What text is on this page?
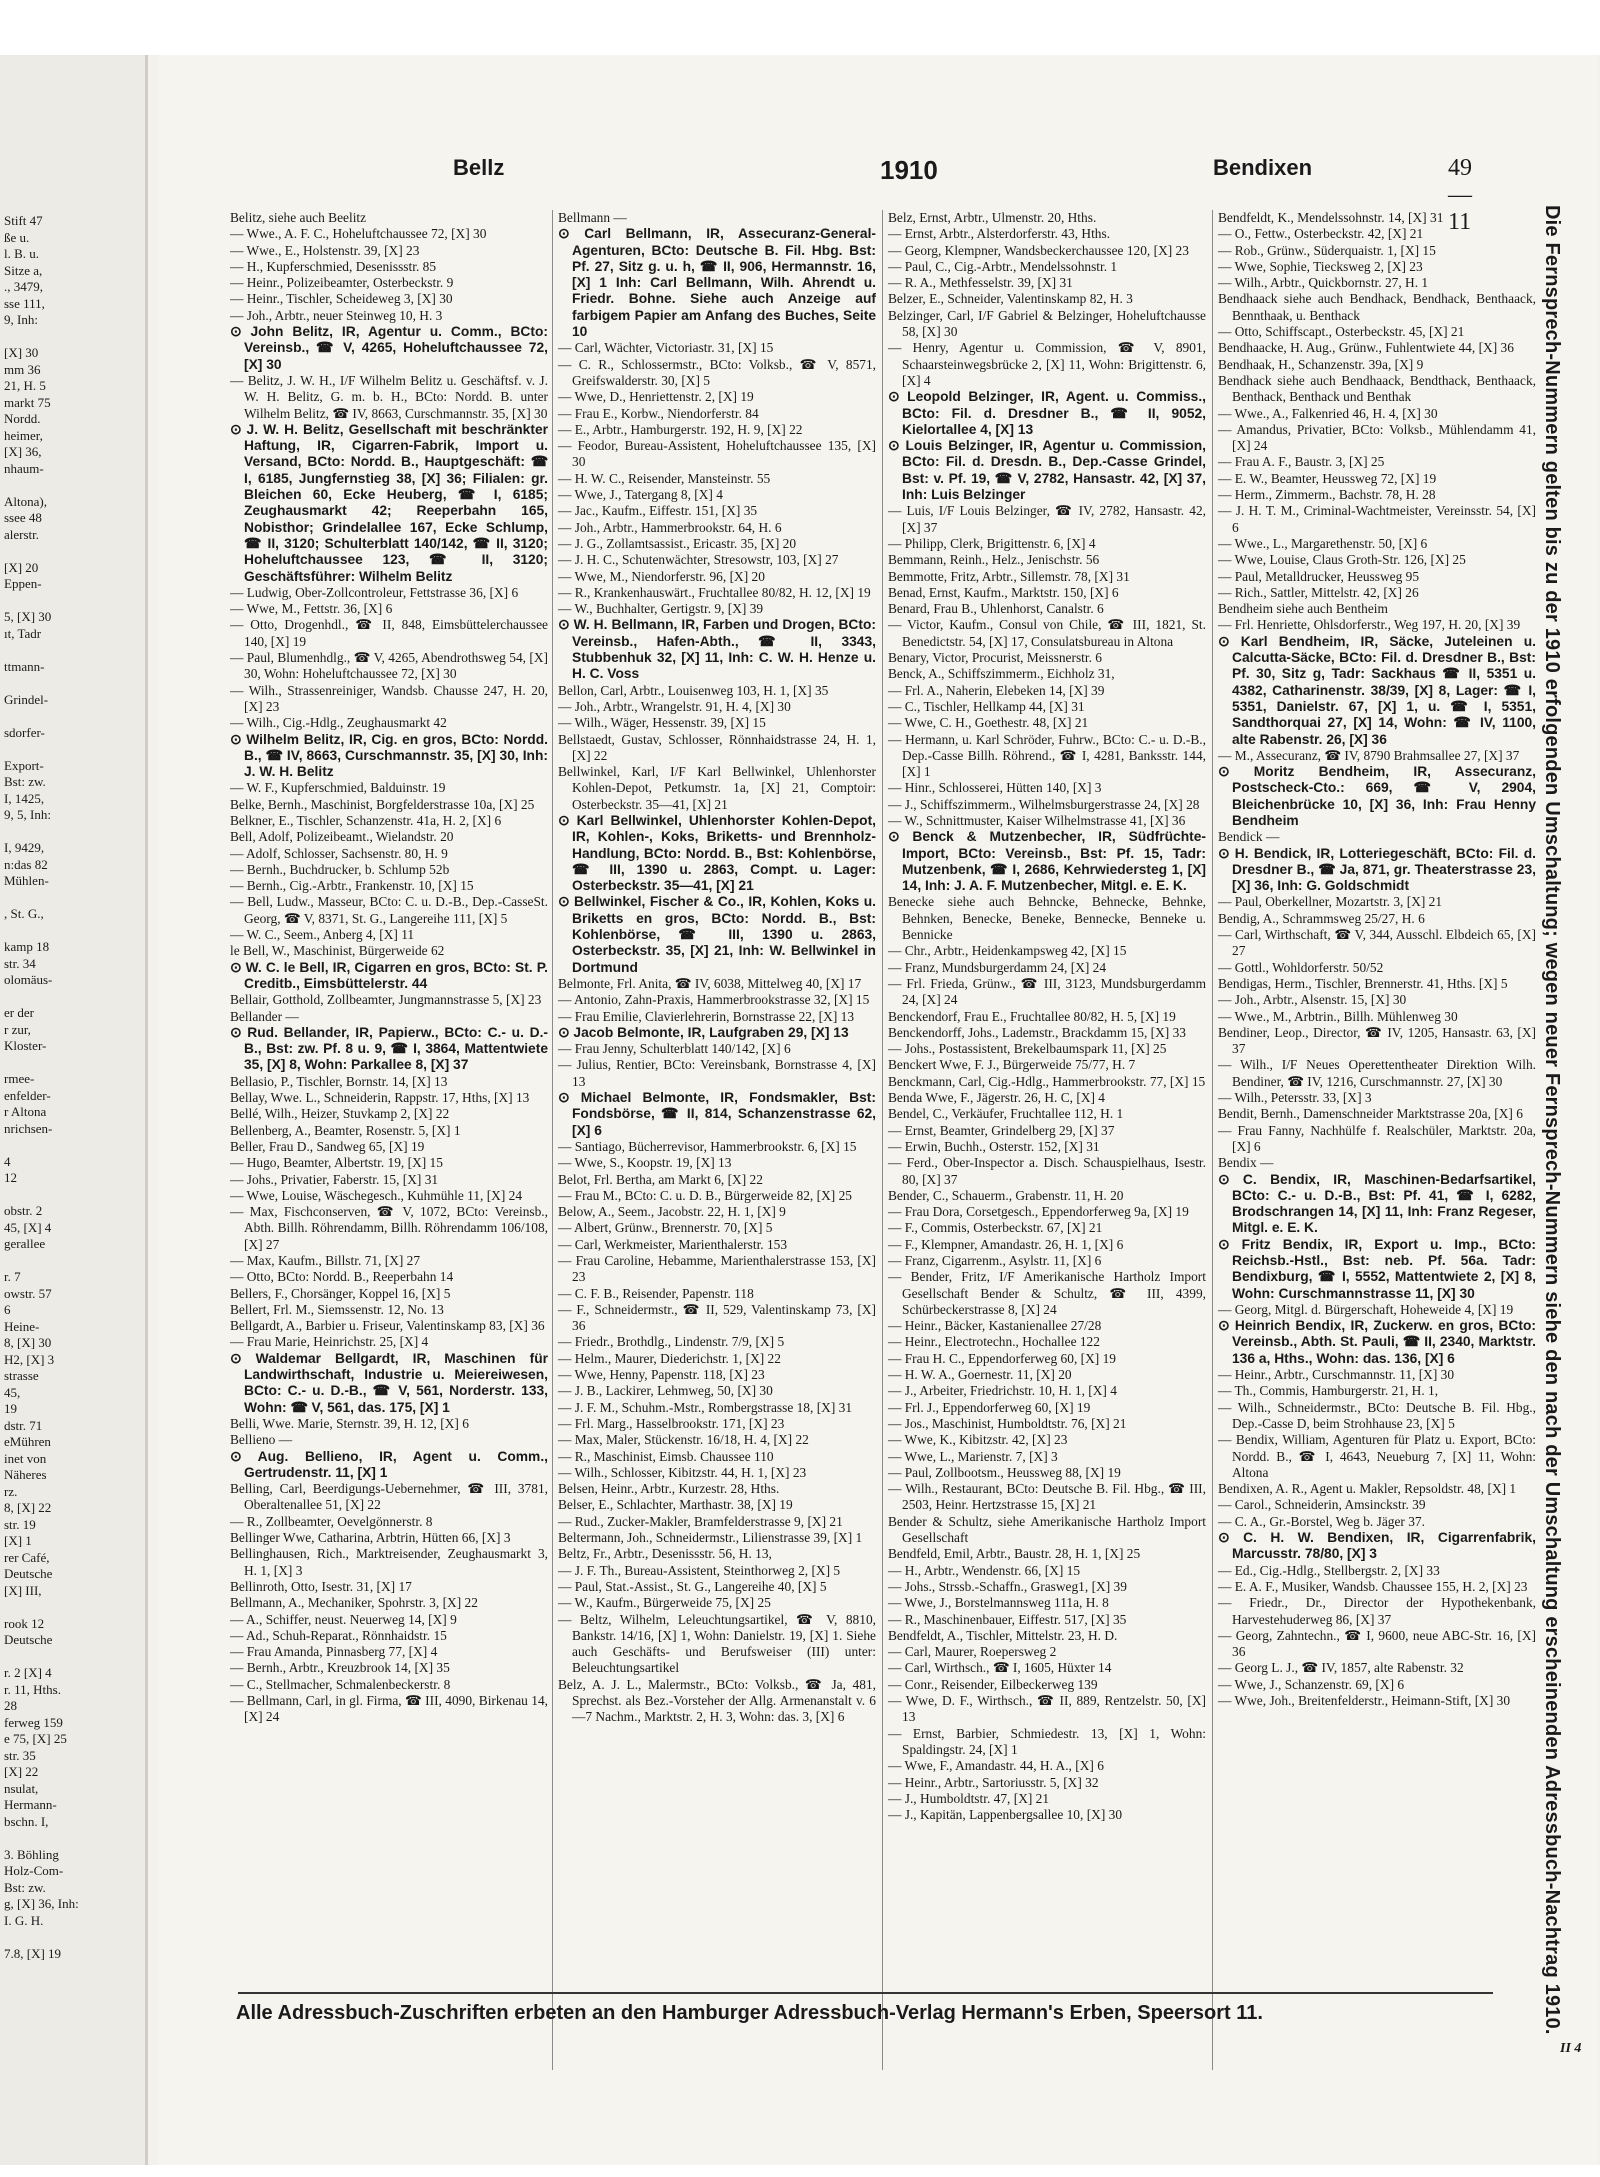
Stift 47
ße u.
l. B. u.
Sitze a,
., 3479,
sse 111,
9, Inh:

[X] 30
mm 36
21, H. 5
markt 75
Nordd.
heimer,
[X] 36,
nhaum-

Altona),
ssee 48
alerstr.

[X] 20
Eppen-

5, [X] 30
ıt, Tadr

ttmann-

Grindel-

sdorfer-

Export-
Bst: zw.
I, 1425,
9, 5, Inh:

I, 9429,
n:das 82
Mühlen-

, St. G.,

kamp 18
str. 34
olomäus-

er der
r zur,
Kloster-

rmee-
enfelder-
r Altona
nrichsen-

4
12

obstr. 2
45, [X] 4
gerallee

r. 7
owstr. 57
6
Heine-
8, [X] 30
H2, [X] 3
strasse
45,
19
dstr. 71
eMühren
inet von
Näheres
rz.
8, [X] 22
str. 19
[X] 1
rer Café,
Deutsche
[X] III,

rook 12
Deutsche

r. 2 [X] 4
r. 11, Hths.
28
ferweg 159
e 75, [X] 25
str. 35
[X] 22
nsulat,
Hermann-
bschn. I,

3. Böhling
Holz-Com-
Bst: zw.
g, [X] 36, Inh:
I. G. H.

7.8, [X] 19
Bellz	1910	Bendixen	49—11

Belitz, siehe auch Beelitz

— Wwe., A. F. C., Hoheluftchaussee 72, [X] 30

— Wwe., E., Holstenstr. 39, [X] 23

— H., Kupferschmied, Desenissstr. 85

— Heinr., Polizeibeamter, Osterbeckstr. 9

— Heinr., Tischler, Scheideweg 3, [X] 30

— Joh., Arbtr., neuer Steinweg 10, H. 3

⊙ John Belitz, IR, Agentur u. Comm., BCto: Vereinsb., ☎ V, 4265, Hoheluftchaussee 72, [X] 30

— Belitz, J. W. H., I/F Wilhelm Belitz u. Geschäftsf. v. J. W. H. Belitz, G. m. b. H., BCto: Nordd. B. unter Wilhelm Belitz, ☎ IV, 8663, Curschmannstr. 35, [X] 30

⊙ J. W. H. Belitz, Gesellschaft mit beschränkter Haftung, IR, Cigarren-Fabrik, Import u. Versand, BCto: Nordd. B., Hauptgeschäft: ☎ I, 6185, Jungfernstieg 38, [X] 36; Filialen: gr. Bleichen 60, Ecke Heuberg, ☎ I, 6185; Zeughausmarkt 42; Reeperbahn 165, Nobisthor; Grindelallee 167, Ecke Schlump, ☎ II, 3120; Schulterblatt 140/142, ☎ II, 3120; Hoheluftchaussee 123, ☎ II, 3120; Geschäftsführer: Wilhelm Belitz

— Ludwig, Ober-Zollcontroleur, Fettstrasse 36, [X] 6

— Wwe, M., Fettstr. 36, [X] 6

— Otto, Drogenhdl., ☎ II, 848, Eimsbüttelerchaussee 140, [X] 19

— Paul, Blumenhdlg., ☎ V, 4265, Abendrothsweg 54, [X] 30, Wohn: Hoheluftchaussee 72, [X] 30

— Wilh., Strassenreiniger, Wandsb. Chausse 247, H. 20, [X] 23

— Wilh., Cig.-Hdlg., Zeughausmarkt 42

⊙ Wilhelm Belitz, IR, Cig. en gros, BCto: Nordd. B., ☎ IV, 8663, Curschmannstr. 35, [X] 30, Inh: J. W. H. Belitz

— W. F., Kupferschmied, Balduinstr. 19

Belke, Bernh., Maschinist, Borgfelderstrasse 10a, [X] 25

Belkner, E., Tischler, Schanzenstr. 41a, H. 2, [X] 6

Bell, Adolf, Polizeibeamt., Wielandstr. 20

— Adolf, Schlosser, Sachsenstr. 80, H. 9

— Bernh., Buchdrucker, b. Schlump 52b

— Bernh., Cig.-Arbtr., Frankenstr. 10, [X] 15

— Bell, Ludw., Masseur, BCto: C. u. D.-B., Dep.-CasseSt. Georg, ☎ V, 8371, St. G., Langereihe 111, [X] 5

— W. C., Seem., Anberg 4, [X] 11

le Bell, W., Maschinist, Bürgerweide 62

⊙ W. C. le Bell, IR, Cigarren en gros, BCto: St. P. Creditb., Eimsbüttelerstr. 44

Bellair, Gotthold, Zollbeamter, Jungmannstrasse 5, [X] 23

Bellander —

⊙ Rud. Bellander, IR, Papierw., BCto: C.- u. D.-B., Bst: zw. Pf. 8 u. 9, ☎ I, 3864, Mattentwiete 35, [X] 8, Wohn: Parkallee 8, [X] 37

Bellasio, P., Tischler, Bornstr. 14, [X] 13

Bellay, Wwe. L., Schneiderin, Rappstr. 17, Hths, [X] 13

Bellé, Wilh., Heizer, Stuvkamp 2, [X] 22

Bellenberg, A., Beamter, Rosenstr. 5, [X] 1

Beller, Frau D., Sandweg 65, [X] 19

— Hugo, Beamter, Albertstr. 19, [X] 15

— Johs., Privatier, Faberstr. 15, [X] 31

— Wwe, Louise, Wäschegesch., Kuhmühle 11, [X] 24

— Max, Fischconserven, ☎ V, 1072, BCto: Vereinsb., Abth. Billh. Röhrendamm, Billh. Röhrendamm 106/108, [X] 27

— Max, Kaufm., Billstr. 71, [X] 27

— Otto, BCto: Nordd. B., Reeperbahn 14

Bellers, F., Chorsänger, Koppel 16, [X] 5

Bellert, Frl. M., Siemssenstr. 12, No. 13

Bellgardt, A., Barbier u. Friseur, Valentinskamp 83, [X] 36

— Frau Marie, Heinrichstr. 25, [X] 4

⊙ Waldemar Bellgardt, IR, Maschinen für Landwirthschaft, Industrie u. Meiereiwesen, BCto: C.- u. D.-B., ☎ V, 561, Norderstr. 133, Wohn: ☎ V, 561, das. 175, [X] 1

Belli, Wwe. Marie, Sternstr. 39, H. 12, [X] 6

Bellieno —

⊙ Aug. Bellieno, IR, Agent u. Comm., Gertrudenstr. 11, [X] 1

Belling, Carl, Beerdigungs-Uebernehmer, ☎ III, 3781, Oberaltenallee 51, [X] 22

— R., Zollbeamter, Oevelgönnerstr. 8

Bellinger Wwe, Catharina, Arbtrin, Hütten 66, [X] 3

Bellinghausen, Rich., Marktreisender, Zeughausmarkt 3, H. 1, [X] 3

Bellinroth, Otto, Isestr. 31, [X] 17

Bellmann, A., Mechaniker, Spohrstr. 3, [X] 22

— A., Schiffer, neust. Neuerweg 14, [X] 9

— Ad., Schuh-Reparat., Rönnhaidstr. 15

— Frau Amanda, Pinnasberg 77, [X] 4

— Bernh., Arbtr., Kreuzbrook 14, [X] 35

— C., Stellmacher, Schmalenbeckerstr. 8

— Bellmann, Carl, in gl. Firma, ☎ III, 4090, Birkenau 14, [X] 24

Bellmann —

⊙ Carl Bellmann, IR, Assecuranz-General-Agenturen, BCto: Deutsche B. Fil. Hbg. Bst: Pf. 27, Sitz g. u. h, ☎ II, 906, Hermannstr. 16, [X] 1 Inh: Carl Bellmann, Wilh. Ahrendt u. Friedr. Bohne. Siehe auch Anzeige auf farbigem Papier am Anfang des Buches, Seite 10

— Carl, Wächter, Victoriastr. 31, [X] 15

— C. R., Schlossermstr., BCto: Volksb., ☎ V, 8571, Greifswalderstr. 30, [X] 5

— Wwe, D., Henriettenstr. 2, [X] 19

— Frau E., Korbw., Niendorferstr. 84

— E., Arbtr., Hamburgerstr. 192, H. 9, [X] 22

— Feodor, Bureau-Assistent, Hoheluftchaussee 135, [X] 30

— H. W. C., Reisender, Mansteinstr. 55

— Wwe, J., Tatergang 8, [X] 4

— Jac., Kaufm., Eiffestr. 151, [X] 35

— Joh., Arbtr., Hammerbrookstr. 64, H. 6

— J. G., Zollamtsassist., Ericastr. 35, [X] 20

— J. H. C., Schutenwächter, Stresowstr, 103, [X] 27

— Wwe, M., Niendorferstr. 96, [X] 20

— R., Krankenhauswärt., Fruchtallee 80/82, H. 12, [X] 19

— W., Buchhalter, Gertigstr. 9, [X] 39

⊙ W. H. Bellmann, IR, Farben und Drogen, BCto: Vereinsb., Hafen-Abth., ☎ II, 3343, Stubbenhuk 32, [X] 11, Inh: C. W. H. Henze u. H. C. Voss

Bellon, Carl, Arbtr., Louisenweg 103, H. 1, [X] 35

— Joh., Arbtr., Wrangelstr. 91, H. 4, [X] 30

— Wilh., Wäger, Hessenstr. 39, [X] 15

Bellstaedt, Gustav, Schlosser, Rönnhaidstrasse 24, H. 1, [X] 22

Bellwinkel, Karl, I/F Karl Bellwinkel, Uhlenhorster Kohlen-Depot, Petkumstr. 1a, [X] 21, Comptoir: Osterbeckstr. 35—41, [X] 21

⊙ Karl Bellwinkel, Uhlenhorster Kohlen-Depot, IR, Kohlen-, Koks, Briketts- und Brennholz-Handlung, BCto: Nordd. B., Bst: Kohlenbörse, ☎ III, 1390 u. 2863, Compt. u. Lager: Osterbeckstr. 35—41, [X] 21

⊙ Bellwinkel, Fischer & Co., IR, Kohlen, Koks u. Briketts en gros, BCto: Nordd. B., Bst: Kohlenbörse, ☎ III, 1390 u. 2863, Osterbeckstr. 35, [X] 21, Inh: W. Bellwinkel in Dortmund

Belmonte, Frl. Anita, ☎ IV, 6038, Mittelweg 40, [X] 17

— Antonio, Zahn-Praxis, Hammerbrookstrasse 32, [X] 15

— Frau Emilie, Clavierlehrerin, Bornstrasse 22, [X] 13

⊙ Jacob Belmonte, IR, Laufgraben 29, [X] 13

— Frau Jenny, Schulterblatt 140/142, [X] 6

— Julius, Rentier, BCto: Vereinsbank, Bornstrasse 4, [X] 13

⊙ Michael Belmonte, IR, Fondsmakler, Bst: Fondsbörse, ☎ II, 814, Schanzenstrasse 62, [X] 6

— Santiago, Bücherrevisor, Hammerbrookstr. 6, [X] 15

— Wwe, S., Koopstr. 19, [X] 13

Belot, Frl. Bertha, am Markt 6, [X] 22

— Frau M., BCto: C. u. D. B., Bürgerweide 82, [X] 25

Below, A., Seem., Jacobstr. 22, H. 1, [X] 9

— Albert, Grünw., Brennerstr. 70, [X] 5

— Carl, Werkmeister, Marienthalerstr. 153

— Frau Caroline, Hebamme, Marienthalerstrasse 153, [X] 23

— C. F. B., Reisender, Papenstr. 118

— F., Schneidermstr., ☎ II, 529, Valentinskamp 73, [X] 36

— Friedr., Brothdlg., Lindenstr. 7/9, [X] 5

— Helm., Maurer, Diederichstr. 1, [X] 22

— Wwe, Henny, Papenstr. 118, [X] 23

— J. B., Lackirer, Lehmweg, 50, [X] 30

— J. F. M., Schuhm.-Mstr., Rombergstrasse 18, [X] 31

— Frl. Marg., Hasselbrookstr. 171, [X] 23

— Max, Maler, Stückenstr. 16/18, H. 4, [X] 22

— R., Maschinist, Eimsb. Chaussee 110

— Wilh., Schlosser, Kibitzstr. 44, H. 1, [X] 23

Belsen, Heinr., Arbtr., Kurzestr. 28, Hths.

Belser, E., Schlachter, Marthastr. 38, [X] 19

— Rud., Zucker-Makler, Bramfelderstrasse 9, [X] 21

Beltermann, Joh., Schneidermstr., Lilienstrasse 39, [X] 1

Beltz, Fr., Arbtr., Desenissstr. 56, H. 13,

— J. F. Th., Bureau-Assistent, Steinthorweg 2, [X] 5

— Paul, Stat.-Assist., St. G., Langereihe 40, [X] 5

— W., Kaufm., Bürgerweide 75, [X] 25

— Beltz, Wilhelm, Leleuchtungsartikel, ☎ V, 8810, Bankstr. 14/16, [X] 1, Wohn: Danielstr. 19, [X] 1. Siehe auch Geschäfts- und Berufsweiser (III) unter: Beleuchtungsartikel

Belz, A. J. L., Malermstr., BCto: Volksb., ☎ Ja, 481, Sprechst. als Bez.-Vorsteher der Allg. Armenanstalt v. 6—7 Nachm., Marktstr. 2, H. 3, Wohn: das. 3, [X] 6

Belz, Ernst, Arbtr., Ulmenstr. 20, Hths.

— Ernst, Arbtr., Alsterdorferstr. 43, Hths.

— Georg, Klempner, Wandsbeckerchaussee 120, [X] 23

— Paul, C., Cig.-Arbtr., Mendelssohnstr. 1

— R. A., Methfesselstr. 39, [X] 31

Belzer, E., Schneider, Valentinskamp 82, H. 3

Belzinger, Carl, I/F Gabriel & Belzinger, Hoheluftchausse 58, [X] 30

— Henry, Agentur u. Commission, ☎ V, 8901, Schaarsteinwegsbrücke 2, [X] 11, Wohn: Brigittenstr. 6, [X] 4

⊙ Leopold Belzinger, IR, Agent. u. Commiss., BCto: Fil. d. Dresdner B., ☎ II, 9052, Kielortallee 4, [X] 13

⊙ Louis Belzinger, IR, Agentur u. Commission, BCto: Fil. d. Dresdn. B., Dep.-Casse Grindel, Bst: v. Pf. 19, ☎ V, 2782, Hansastr. 42, [X] 37, Inh: Luis Belzinger

— Luis, I/F Louis Belzinger, ☎ IV, 2782, Hansastr. 42, [X] 37

— Philipp, Clerk, Brigittenstr. 6, [X] 4

Bemmann, Reinh., Helz., Jenischstr. 56

Bemmotte, Fritz, Arbtr., Sillemstr. 78, [X] 31

Benad, Ernst, Kaufm., Marktstr. 150, [X] 6

Benard, Frau B., Uhlenhorst, Canalstr. 6

— Victor, Kaufm., Consul von Chile, ☎ III, 1821, St. Benedictstr. 54, [X] 17, Consulatsbureau in Altona

Benary, Victor, Procurist, Meissnerstr. 6

Benck, A., Schiffszimmerm., Eichholz 31,

— Frl. A., Naherin, Elebeken 14, [X] 39

— C., Tischler, Hellkamp 44, [X] 31

— Wwe, C. H., Goethestr. 48, [X] 21

— Hermann, u. Karl Schröder, Fuhrw., BCto: C.- u. D.-B., Dep.-Casse Billh. Röhrend., ☎ I, 4281, Banksstr. 144, [X] 1

— Hinr., Schlosserei, Hütten 140, [X] 3

— J., Schiffszimmerm., Wilhelmsburgerstrasse 24, [X] 28

— W., Schnittmuster, Kaiser Wilhelmstrasse 41, [X] 36

⊙ Benck & Mutzenbecher, IR, Südfrüchte-Import, BCto: Vereinsb., Bst: Pf. 15, Tadr: Mutzenbenk, ☎ I, 2686, Kehrwiedersteg 1, [X] 14, Inh: J. A. F. Mutzenbecher, Mitgl. e. E. K.

Benecke siehe auch Behncke, Behnecke, Behnke, Behnken, Benecke, Beneke, Bennecke, Benneke u. Bennicke

— Chr., Arbtr., Heidenkampsweg 42, [X] 15

— Franz, Mundsburgerdamm 24, [X] 24

— Frl. Frieda, Grünw., ☎ III, 3123, Mundsburgerdamm 24, [X] 24

Benckendorf, Frau E., Fruchtallee 80/82, H. 5, [X] 19

Benckendorff, Johs., Lademstr., Brackdamm 15, [X] 33

— Johs., Postassistent, Brekelbaumspark 11, [X] 25

Benckert Wwe, F. J., Bürgerweide 75/77, H. 7

Benckmann, Carl, Cig.-Hdlg., Hammerbrookstr. 77, [X] 15

Benda Wwe, F., Jägerstr. 26, H. C, [X] 4

Bendel, C., Verkäufer, Fruchtallee 112, H. 1

— Ernst, Beamter, Grindelberg 29, [X] 37

— Erwin, Buchh., Osterstr. 152, [X] 31

— Ferd., Ober-Inspector a. Disch. Schauspielhaus, Isestr. 80, [X] 37

Bender, C., Schauerm., Grabenstr. 11, H. 20

— Frau Dora, Corsetgesch., Eppendorferweg 9a, [X] 19

— F., Commis, Osterbeckstr. 67, [X] 21

— F., Klempner, Amandastr. 26, H. 1, [X] 6

— Franz, Cigarrenm., Asylstr. 11, [X] 6

— Bender, Fritz, I/F Amerikanische Hartholz Import Gesellschaft Bender & Schultz, ☎ III, 4399, Schürbeckerstrasse 8, [X] 24

— Heinr., Bäcker, Kastanienallee 27/28

— Heinr., Electrotechn., Hochallee 122

— Frau H. C., Eppendorferweg 60, [X] 19

— H. W. A., Goernestr. 11, [X] 20

— J., Arbeiter, Friedrichstr. 10, H. 1, [X] 4

— Frl. J., Eppendorferweg 60, [X] 19

— Jos., Maschinist, Humboldtstr. 76, [X] 21

— Wwe, K., Kibitzstr. 42, [X] 23

— Wwe, L., Marienstr. 7, [X] 3

— Paul, Zollbootsm., Heussweg 88, [X] 19

— Wilh., Restaurant, BCto: Deutsche B. Fil. Hbg., ☎ III, 2503, Heinr. Hertzstrasse 15, [X] 21

Bender & Schultz, siehe Amerikanische Hartholz Import Gesellschaft

Bendfeld, Emil, Arbtr., Baustr. 28, H. 1, [X] 25

— H., Arbtr., Wendenstr. 66, [X] 15

— Johs., Strssb.-Schaffn., Grasweg1, [X] 39

— Wwe, J., Borstelmannsweg 111a, H. 8

— R., Maschinenbauer, Eiffestr. 517, [X] 35

Bendfeldt, A., Tischler, Mittelstr. 23, H. D.

— Carl, Maurer, Roepersweg 2

— Carl, Wirthsch., ☎ I, 1605, Hüxter 14

— Conr., Reisender, Eilbeckerweg 139

— Wwe, D. F., Wirthsch., ☎ II, 889, Rentzelstr. 50, [X] 13

— Ernst, Barbier, Schmiedestr. 13, [X] 1, Wohn: Spaldingstr. 24, [X] 1

— Wwe, F., Amandastr. 44, H. A., [X] 6

— Heinr., Arbtr., Sartoriusstr. 5, [X] 32

— J., Humboldtstr. 47, [X] 21

— J., Kapitän, Lappenbergsallee 10, [X] 30

Bendfeldt, K., Mendelssohnstr. 14, [X] 31

— O., Fettw., Osterbeckstr. 42, [X] 21

— Rob., Grünw., Süderquaistr. 1, [X] 15

— Wwe, Sophie, Tiecksweg 2, [X] 23

— Wilh., Arbtr., Quickbornstr. 27, H. 1

Bendhaack siehe auch Bendhack, Bendhack, Benthaack, Bennthaak, u. Benthack

— Otto, Schiffscapt., Osterbeckstr. 45, [X] 21

Bendhaacke, H. Aug., Grünw., Fuhlentwiete 44, [X] 36

Bendhaak, H., Schanzenstr. 39a, [X] 9

Bendhack siehe auch Bendhaack, Bendthack, Benthaack, Benthack, Benthack und Benthak

— Wwe., A., Falkenried 46, H. 4, [X] 30

— Amandus, Privatier, BCto: Volksb., Mühlendamm 41, [X] 24

— Frau A. F., Baustr. 3, [X] 25

— E. W., Beamter, Heussweg 72, [X] 19

— Herm., Zimmerm., Bachstr. 78, H. 28

— J. H. T. M., Criminal-Wachtmeister, Vereinsstr. 54, [X] 6

— Wwe., L., Margarethenstr. 50, [X] 6

— Wwe, Louise, Claus Groth-Str. 126, [X] 25

— Paul, Metalldrucker, Heussweg 95

— Rich., Sattler, Mittelstr. 42, [X] 26

Bendheim siehe auch Bentheim

— Frl. Henriette, Ohlsdorferstr., Weg 197, H. 20, [X] 39

⊙ Karl Bendheim, IR, Säcke, Juteleinen u. Calcutta-Säcke, BCto: Fil. d. Dresdner B., Bst: Pf. 30, Sitz g, Tadr: Sackhaus ☎ II, 5351 u. 4382, Catharinenstr. 38/39, [X] 8, Lager: ☎ I, 5351, Danielstr. 67, [X] 1, u. ☎ I, 5351, Sandthorquai 27, [X] 14, Wohn: ☎ IV, 1100, alte Rabenstr. 26, [X] 36

— M., Assecuranz, ☎ IV, 8790 Brahmsallee 27, [X] 37

⊙ Moritz Bendheim, IR, Assecuranz, Postscheck-Cto.: 669, ☎ V, 2904, Bleichenbrücke 10, [X] 36, Inh: Frau Henny Bendheim

Bendick —

⊙ H. Bendick, IR, Lotteriegeschäft, BCto: Fil. d. Dresdner B., ☎ Ja, 871, gr. Theaterstrasse 23, [X] 36, Inh: G. Goldschmidt

— Paul, Oberkellner, Mozartstr. 3, [X] 21

Bendig, A., Schrammsweg 25/27, H. 6

— Carl, Wirthschaft, ☎ V, 344, Ausschl. Elbdeich 65, [X] 27

— Gottl., Wohldorferstr. 50/52

Bendigas, Herm., Tischler, Brennerstr. 41, Hths. [X] 5

— Joh., Arbtr., Alsenstr. 15, [X] 30

— Wwe., M., Arbtrin., Billh. Mühlenweg 30

Bendiner, Leop., Director, ☎ IV, 1205, Hansastr. 63, [X] 37

— Wilh., I/F Neues Operettentheater Direktion Wilh. Bendiner, ☎ IV, 1216, Curschmannstr. 27, [X] 30

— Wilh., Petersstr. 33, [X] 3

Bendit, Bernh., Damenschneider Marktstrasse 20a, [X] 6

— Frau Fanny, Nachhülfe f. Realschüler, Marktstr. 20a, [X] 6

Bendix —

⊙ C. Bendix, IR, Maschinen-Bedarfsartikel, BCto: C.- u. D.-B., Bst: Pf. 41, ☎ I, 6282, Brodschrangen 14, [X] 11, Inh: Franz Regeser, Mitgl. e. E. K.

⊙ Fritz Bendix, IR, Export u. Imp., BCto: Reichsb.-Hstl., Bst: neb. Pf. 56a. Tadr: Bendixburg, ☎ I, 5552, Mattentwiete 2, [X] 8, Wohn: Curschmannstrasse 11, [X] 30

— Georg, Mitgl. d. Bürgerschaft, Hoheweide 4, [X] 19

⊙ Heinrich Bendix, IR, Zuckerw. en gros, BCto: Vereinsb., Abth. St. Pauli, ☎ II, 2340, Marktstr. 136 a, Hths., Wohn: das. 136, [X] 6

— Heinr., Arbtr., Curschmannstr. 11, [X] 30

— Th., Commis, Hamburgerstr. 21, H. 1,

— Wilh., Schneidermstr., BCto: Deutsche B. Fil. Hbg., Dep.-Casse D, beim Strohhause 23, [X] 5

— Bendix, William, Agenturen für Platz u. Export, BCto: Nordd. B., ☎ I, 4643, Neueburg 7, [X] 11, Wohn: Altona

Bendixen, A. R., Agent u. Makler, Repsoldstr. 48, [X] 1

— Carol., Schneiderin, Amsinckstr. 39

— C. A., Gr.-Borstel, Weg b. Jäger 37.

⊙ C. H. W. Bendixen, IR, Cigarrenfabrik, Marcusstr. 78/80, [X] 3

— Ed., Cig.-Hdlg., Stellbergstr. 2, [X] 33

— E. A. F., Musiker, Wandsb. Chaussee 155, H. 2, [X] 23

— Friedr., Dr., Director der Hypothekenbank, Harvestehuderweg 86, [X] 37

— Georg, Zahntechn., ☎ I, 9600, neue ABC-Str. 16, [X] 36

— Georg L. J., ☎ IV, 1857, alte Rabenstr. 32

— Wwe, J., Schanzenstr. 69, [X] 6

— Wwe, Joh., Breitenfelderstr., Heimann-Stift, [X] 30	Die Fernsprech-Nummern gelten bis zu der 1910 erfolgenden Umschaltung; wegen neuer Fernsprech-Nummern siehe den nach der Umschaltung erscheinenden Adressbuch-Nachtrag 1910.
Alle Adressbuch-Zuschriften erbeten an den Hamburger Adressbuch-Verlag Hermann's Erben, Speersort 11.
II 4
